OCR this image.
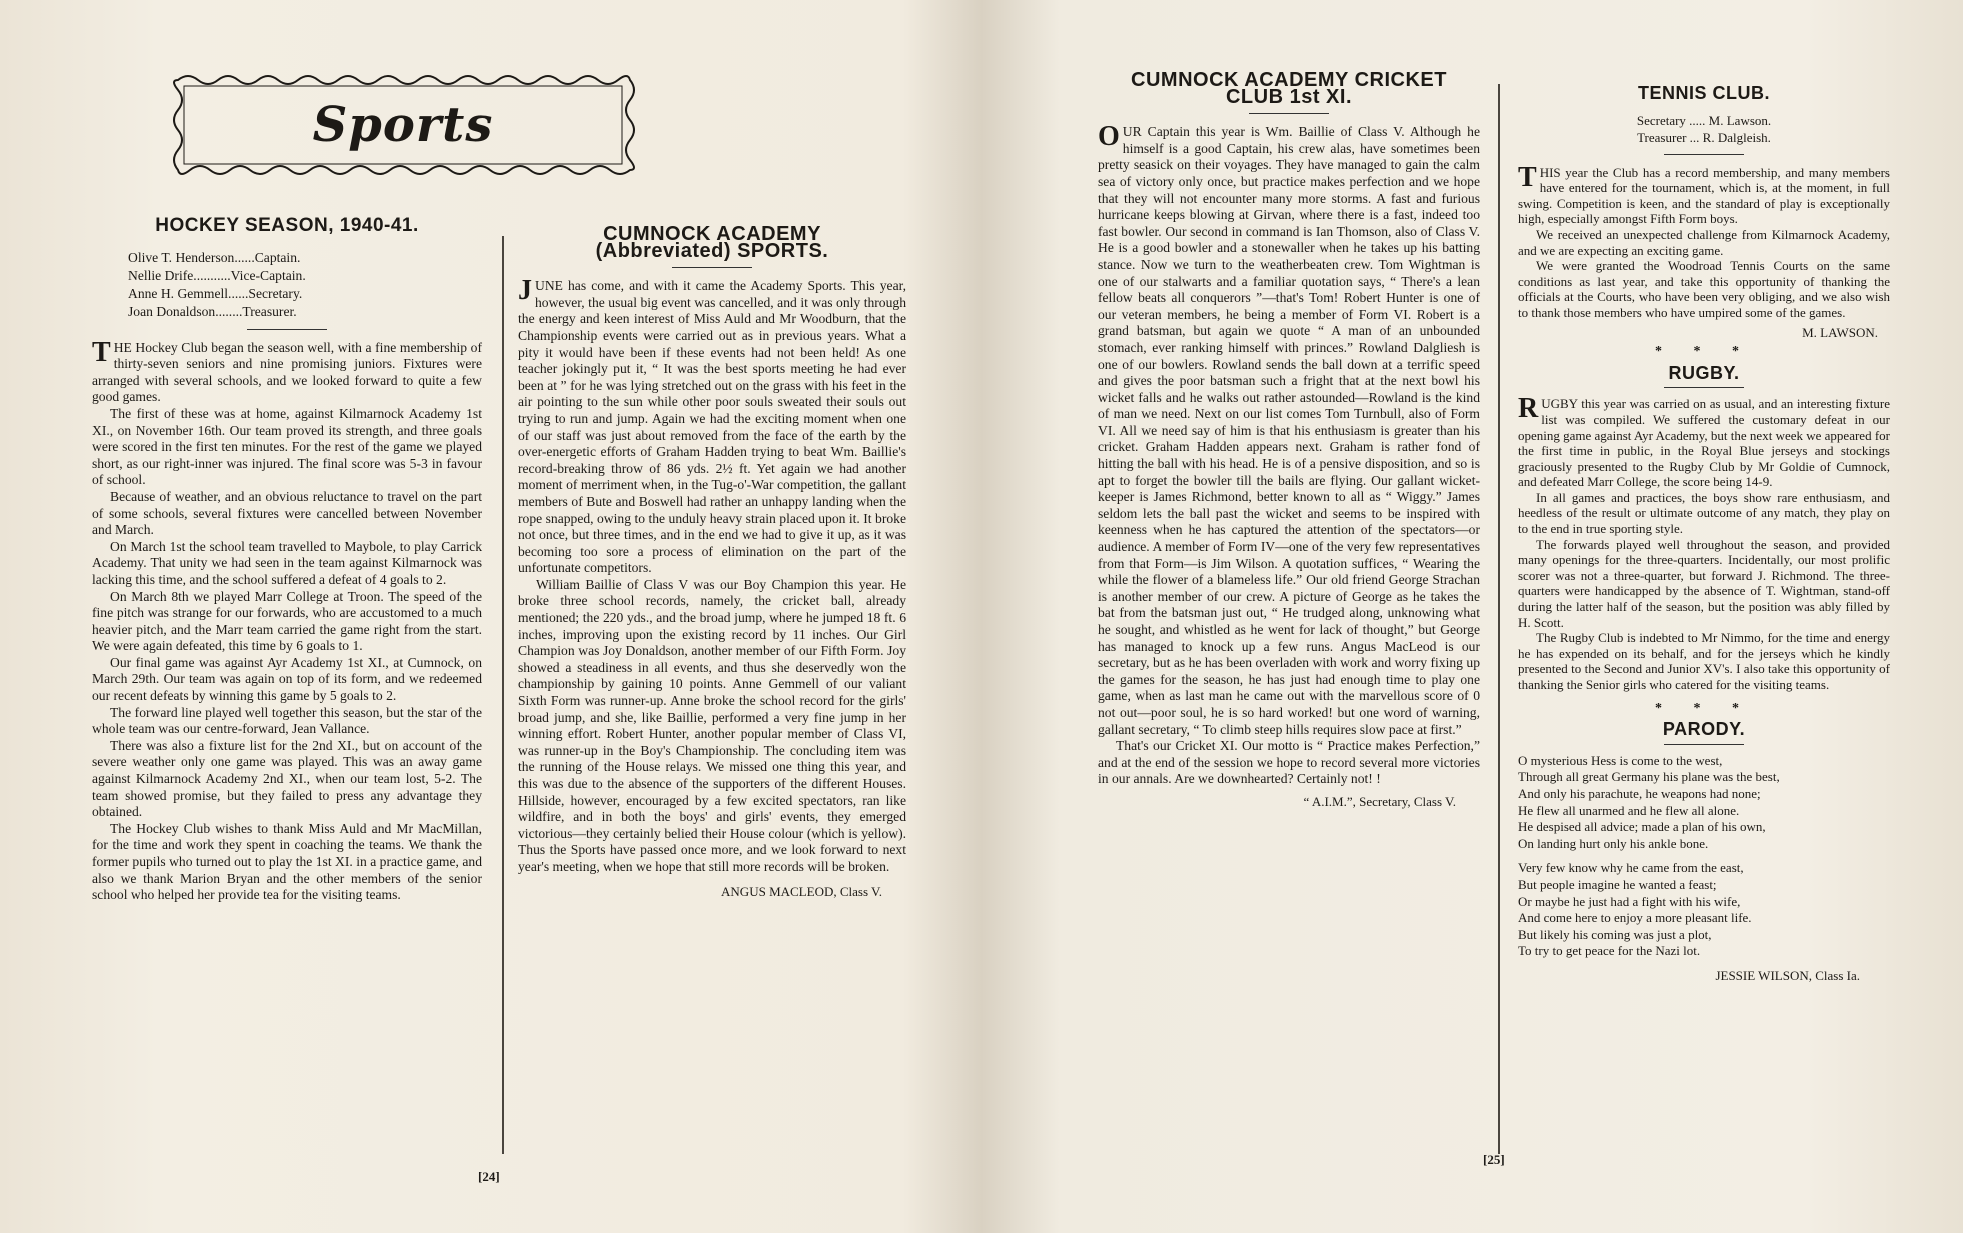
Sports
HOCKEY SEASON, 1940-41.
Olive T. Henderson......Captain.
Nellie Drife...........Vice-Captain.
Anne H. Gemmell......Secretary.
Joan Donaldson........Treasurer.

THE Hockey Club began the season well, with a fine membership of thirty-seven seniors and nine promising juniors. Fixtures were arranged with several schools, and we looked forward to quite a few good games.

The first of these was at home, against Kilmarnock Academy 1st XI., on November 16th. Our team proved its strength, and three goals were scored in the first ten minutes. For the rest of the game we played short, as our right-inner was injured. The final score was 5-3 in favour of school.

Because of weather, and an obvious reluctance to travel on the part of some schools, several fixtures were cancelled between November and March.

On March 1st the school team travelled to Maybole, to play Carrick Academy. That unity we had seen in the team against Kilmarnock was lacking this time, and the school suffered a defeat of 4 goals to 2.

On March 8th we played Marr College at Troon. The speed of the fine pitch was strange for our forwards, who are accustomed to a much heavier pitch, and the Marr team carried the game right from the start. We were again defeated, this time by 6 goals to 1.

Our final game was against Ayr Academy 1st XI., at Cumnock, on March 29th. Our team was again on top of its form, and we redeemed our recent defeats by winning this game by 5 goals to 2.

The forward line played well together this season, but the star of the whole team was our centre-forward, Jean Vallance.

There was also a fixture list for the 2nd XI., but on account of the severe weather only one game was played. This was an away game against Kilmarnock Academy 2nd XI., when our team lost, 5-2. The team showed promise, but they failed to press any advantage they obtained.

The Hockey Club wishes to thank Miss Auld and Mr MacMillan, for the time and work they spent in coaching the teams. We thank the former pupils who turned out to play the 1st XI. in a practice game, and also we thank Marion Bryan and the other members of the senior school who helped her provide tea for the visiting teams.

CUMNOCK ACADEMY
(Abbreviated) SPORTS.

JUNE has come, and with it came the Academy Sports. This year, however, the usual big event was cancelled, and it was only through the energy and keen interest of Miss Auld and Mr Woodburn, that the Championship events were carried out as in previous years. What a pity it would have been if these events had not been held! As one teacher jokingly put it, “ It was the best sports meeting he had ever been at ” for he was lying stretched out on the grass with his feet in the air pointing to the sun while other poor souls sweated their souls out trying to run and jump. Again we had the exciting moment when one of our staff was just about removed from the face of the earth by the over-energetic efforts of Graham Hadden trying to beat Wm. Baillie's record-breaking throw of 86 yds. 2½ ft. Yet again we had another moment of merriment when, in the Tug-o'-War competition, the gallant members of Bute and Boswell had rather an unhappy landing when the rope snapped, owing to the unduly heavy strain placed upon it. It broke not once, but three times, and in the end we had to give it up, as it was becoming too sore a process of elimination on the part of the unfortunate competitors.

William Baillie of Class V was our Boy Champion this year. He broke three school records, namely, the cricket ball, already mentioned; the 220 yds., and the broad jump, where he jumped 18 ft. 6 inches, improving upon the existing record by 11 inches. Our Girl Champion was Joy Donaldson, another member of our Fifth Form. Joy showed a steadiness in all events, and thus she deservedly won the championship by gaining 10 points. Anne Gemmell of our valiant Sixth Form was runner-up. Anne broke the school record for the girls' broad jump, and she, like Baillie, performed a very fine jump in her winning effort. Robert Hunter, another popular member of Class VI, was runner-up in the Boy's Championship. The concluding item was the running of the House relays. We missed one thing this year, and this was due to the absence of the supporters of the different Houses. Hillside, however, encouraged by a few excited spectators, ran like wildfire, and in both the boys' and girls' events, they emerged victorious—they certainly belied their House colour (which is yellow). Thus the Sports have passed once more, and we look forward to next year's meeting, when we hope that still more records will be broken.

ANGUS MACLEOD, Class V.
[24]
CUMNOCK ACADEMY CRICKET
CLUB 1st XI.

OUR Captain this year is Wm. Baillie of Class V. Although he himself is a good Captain, his crew alas, have sometimes been pretty seasick on their voyages. They have managed to gain the calm sea of victory only once, but practice makes perfection and we hope that they will not encounter many more storms. A fast and furious hurricane keeps blowing at Girvan, where there is a fast, indeed too fast bowler. Our second in command is Ian Thomson, also of Class V. He is a good bowler and a stonewaller when he takes up his batting stance. Now we turn to the weatherbeaten crew. Tom Wightman is one of our stalwarts and a familiar quotation says, “ There's a lean fellow beats all conquerors ”—that's Tom! Robert Hunter is one of our veteran members, he being a member of Form VI. Robert is a grand batsman, but again we quote “ A man of an unbounded stomach, ever ranking himself with princes.” Rowland Dalgliesh is one of our bowlers. Rowland sends the ball down at a terrific speed and gives the poor batsman such a fright that at the next bowl his wicket falls and he walks out rather astounded—Rowland is the kind of man we need. Next on our list comes Tom Turnbull, also of Form VI. All we need say of him is that his enthusiasm is greater than his cricket. Graham Hadden appears next. Graham is rather fond of hitting the ball with his head. He is of a pensive disposition, and so is apt to forget the bowler till the bails are flying. Our gallant wicket-keeper is James Richmond, better known to all as “ Wiggy.” James seldom lets the ball past the wicket and seems to be inspired with keenness when he has captured the attention of the spectators—or audience. A member of Form IV—one of the very few representatives from that Form—is Jim Wilson. A quotation suffices, “ Wearing the while the flower of a blameless life.” Our old friend George Strachan is another member of our crew. A picture of George as he takes the bat from the batsman just out, “ He trudged along, unknowing what he sought, and whistled as he went for lack of thought,” but George has managed to knock up a few runs. Angus MacLeod is our secretary, but as he has been overladen with work and worry fixing up the games for the season, he has just had enough time to play one game, when as last man he came out with the marvellous score of 0 not out—poor soul, he is so hard worked! but one word of warning, gallant secretary, “ To climb steep hills requires slow pace at first.”

That's our Cricket XI. Our motto is “ Practice makes Perfection,” and at the end of the session we hope to record several more victories in our annals. Are we downhearted? Certainly not! !

“ A.I.M.”, Secretary, Class V.
TENNIS CLUB.
Secretary ..... M. Lawson.
Treasurer ... R. Dalgleish.

THIS year the Club has a record membership, and many members have entered for the tournament, which is, at the moment, in full swing. Competition is keen, and the standard of play is exceptionally high, especially amongst Fifth Form boys.

We received an unexpected challenge from Kilmarnock Academy, and we are expecting an exciting game.

We were granted the Woodroad Tennis Courts on the same conditions as last year, and take this opportunity of thanking the officials at the Courts, who have been very obliging, and we also wish to thank those members who have umpired some of the games.

M. LAWSON.
* * *
RUGBY.

RUGBY this year was carried on as usual, and an interesting fixture list was compiled. We suffered the customary defeat in our opening game against Ayr Academy, but the next week we appeared for the first time in public, in the Royal Blue jerseys and stockings graciously presented to the Rugby Club by Mr Goldie of Cumnock, and defeated Marr College, the score being 14-9.

In all games and practices, the boys show rare enthusiasm, and heedless of the result or ultimate outcome of any match, they play on to the end in true sporting style.

The forwards played well throughout the season, and provided many openings for the three-quarters. Incidentally, our most prolific scorer was not a three-quarter, but forward J. Richmond. The three-quarters were handicapped by the absence of T. Wightman, stand-off during the latter half of the season, but the position was ably filled by H. Scott.

The Rugby Club is indebted to Mr Nimmo, for the time and energy he has expended on its behalf, and for the jerseys which he kindly presented to the Second and Junior XV's. I also take this opportunity of thanking the Senior girls who catered for the visiting teams.

* * *
PARODY.

O mysterious Hess is come to the west,

Through all great Germany his plane was the best,

And only his parachute, he weapons had none;

He flew all unarmed and he flew all alone.

He despised all advice; made a plan of his own,

On landing hurt only his ankle bone.

Very few know why he came from the east,

But people imagine he wanted a feast;

Or maybe he just had a fight with his wife,

And come here to enjoy a more pleasant life.

But likely his coming was just a plot,

To try to get peace for the Nazi lot.

JESSIE WILSON, Class Ia.
[25]
